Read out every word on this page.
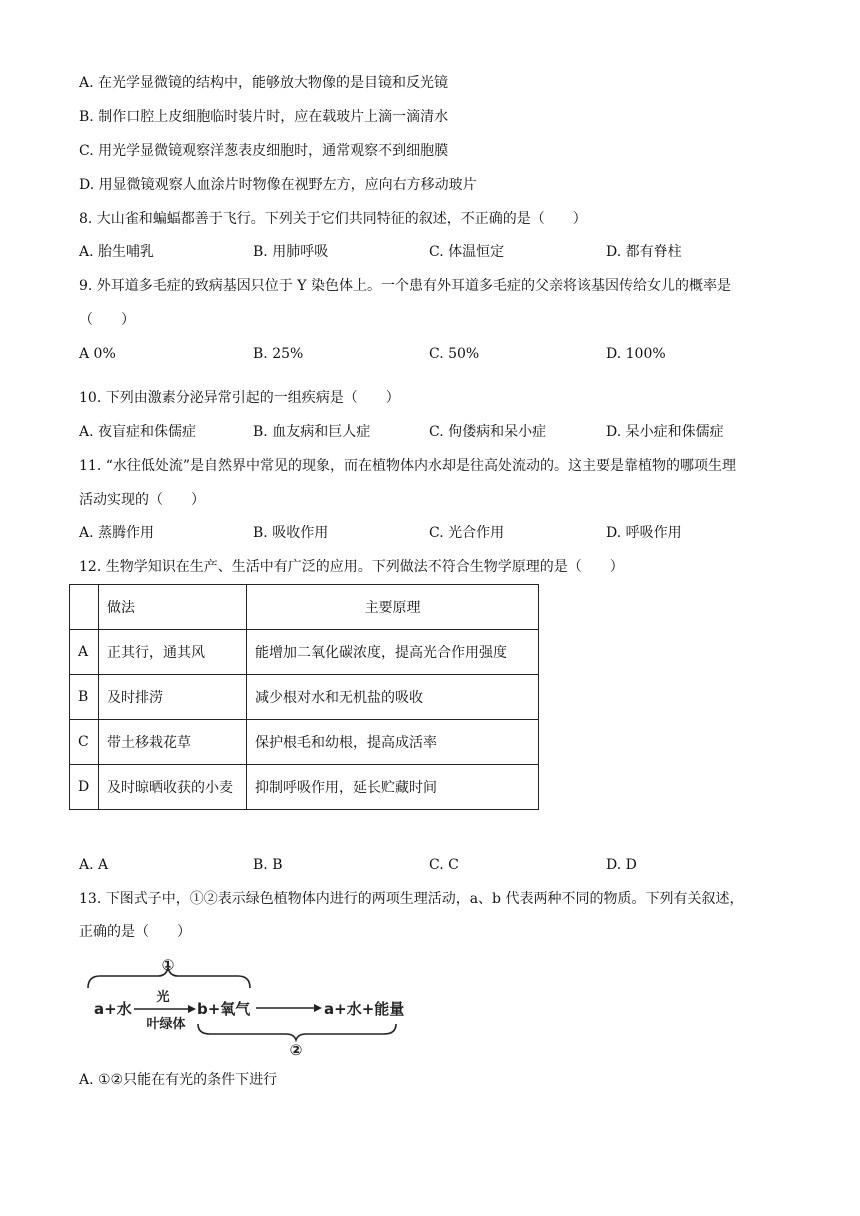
A. 在光学显微镜的结构中，能够放大物像的是目镜和反光镜
B. 制作口腔上皮细胞临时装片时，应在载玻片上滴一滴清水
C. 用光学显微镜观察洋葱表皮细胞时，通常观察不到细胞膜
D. 用显微镜观察人血涂片时物像在视野左方，应向右方移动玻片
8. 大山雀和蝙蝠都善于飞行。下列关于它们共同特征的叙述，不正确的是（　　）
A. 胎生哺乳	B. 用肺呼吸	C. 体温恒定	D. 都有脊柱
9. 外耳道多毛症的致病基因只位于 Y 染色体上。一个患有外耳道多毛症的父亲将该基因传给女儿的概率是
（　　）
A 0%	B. 25%	C. 50%	D. 100%
10. 下列由激素分泌异常引起的一组疾病是（　　）
A. 夜盲症和侏儒症	B. 血友病和巨人症	C. 佝偻病和呆小症	D. 呆小症和侏儒症
11. “水往低处流”是自然界中常见的现象，而在植物体内水却是往高处流动的。这主要是靠植物的哪项生理
活动实现的（　　）
A. 蒸腾作用	B. 吸收作用	C. 光合作用	D. 呼吸作用
12. 生物学知识在生产、生活中有广泛的应用。下列做法不符合生物学原理的是（　　）
	做法	主要原理
A	正其行，通其风	能增加二氧化碳浓度，提高光合作用强度
B	及时排涝	减少根对水和无机盐的吸收
C	带土移栽花草	保护根毛和幼根，提高成活率
D	及时晾晒收获的小麦	抑制呼吸作用，延长贮藏时间
A. A	B. B	C. C	D. D
13. 下图式子中，①②表示绿色植物体内进行的两项生理活动，a、b 代表两种不同的物质。下列有关叙述，
正确的是（　　）
①
a+水
光
叶绿体
b+氧气	a+水+能量
②
A. ①②只能在有光的条件下进行
